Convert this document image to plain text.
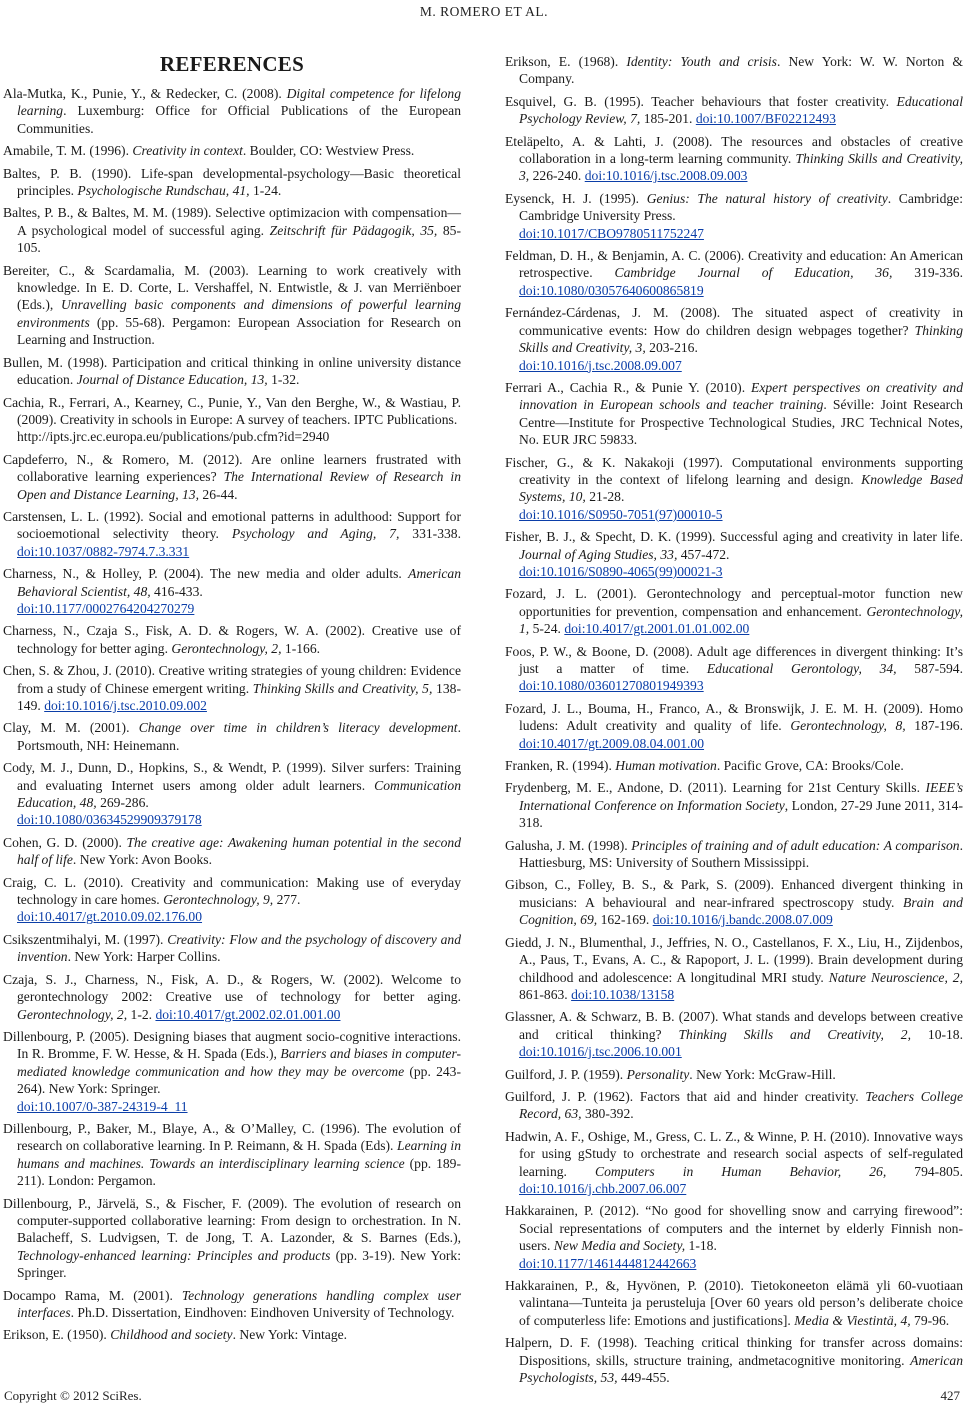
M. ROMERO ET AL.
REFERENCES

Ala-Mutka, K., Punie, Y., & Redecker, C. (2008). Digital competence for lifelong learning. Luxemburg: Office for Official Publications of the European Communities.

Amabile, T. M. (1996). Creativity in context. Boulder, CO: Westview Press.

Baltes, P. B. (1990). Life-span developmental-psychology—Basic theoretical principles. Psychologische Rundschau, 41, 1-24.

Baltes, P. B., & Baltes, M. M. (1989). Selective optimizacion with compensation—A psychological model of successful aging. Zeitschrift für Pädagogik, 35, 85-105.

Bereiter, C., & Scardamalia, M. (2003). Learning to work creatively with knowledge. In E. D. Corte, L. Vershaffel, N. Entwistle, & J. van Merriënboer (Eds.), Unravelling basic components and dimensions of powerful learning environments (pp. 55-68). Pergamon: European Association for Research on Learning and Instruction.

Bullen, M. (1998). Participation and critical thinking in online university distance education. Journal of Distance Education, 13, 1-32.

Cachia, R., Ferrari, A., Kearney, C., Punie, Y., Van den Berghe, W., & Wastiau, P. (2009). Creativity in schools in Europe: A survey of teachers. IPTC Publications.
http://ipts.jrc.ec.europa.eu/publications/pub.cfm?id=2940

Capdeferro, N., & Romero, M. (2012). Are online learners frustrated with collaborative learning experiences? The International Review of Research in Open and Distance Learning, 13, 26-44.

Carstensen, L. L. (1992). Social and emotional patterns in adulthood: Support for socioemotional selectivity theory. Psychology and Aging, 7, 331-338. doi:10.1037/0882-7974.7.3.331

Charness, N., & Holley, P. (2004). The new media and older adults. American Behavioral Scientist, 48, 416-433.
doi:10.1177/0002764204270279

Charness, N., Czaja S., Fisk, A. D. & Rogers, W. A. (2002). Creative use of technology for better aging. Gerontechnology, 2, 1-166.

Chen, S. & Zhou, J. (2010). Creative writing strategies of young children: Evidence from a study of Chinese emergent writing. Thinking Skills and Creativity, 5, 138-149. doi:10.1016/j.tsc.2010.09.002

Clay, M. M. (2001). Change over time in children’s literacy development. Portsmouth, NH: Heinemann.

Cody, M. J., Dunn, D., Hopkins, S., & Wendt, P. (1999). Silver surfers: Training and evaluating Internet users among older adult learners. Communication Education, 48, 269-286.
doi:10.1080/03634529909379178

Cohen, G. D. (2000). The creative age: Awakening human potential in the second half of life. New York: Avon Books.

Craig, C. L. (2010). Creativity and communication: Making use of everyday technology in care homes. Gerontechnology, 9, 277.
doi:10.4017/gt.2010.09.02.176.00

Csikszentmihalyi, M. (1997). Creativity: Flow and the psychology of discovery and invention. New York: Harper Collins.

Czaja, S. J., Charness, N., Fisk, A. D., & Rogers, W. (2002). Welcome to gerontechnology 2002: Creative use of technology for better aging. Gerontechnology, 2, 1-2. doi:10.4017/gt.2002.02.01.001.00

Dillenbourg, P. (2005). Designing biases that augment socio-cognitive interactions. In R. Bromme, F. W. Hesse, & H. Spada (Eds.), Barriers and biases in computer-mediated knowledge communication and how they may be overcome (pp. 243-264). New York: Springer.
doi:10.1007/0-387-24319-4_11

Dillenbourg, P., Baker, M., Blaye, A., & O’Malley, C. (1996). The evolution of research on collaborative learning. In P. Reimann, & H. Spada (Eds). Learning in humans and machines. Towards an interdisciplinary learning science (pp. 189-211). London: Pergamon.

Dillenbourg, P., Järvelä, S., & Fischer, F. (2009). The evolution of research on computer-supported collaborative learning: From design to orchestration. In N. Balacheff, S. Ludvigsen, T. de Jong, T. A. Lazonder, & S. Barnes (Eds.), Technology-enhanced learning: Principles and products (pp. 3-19). New York: Springer.

Docampo Rama, M. (2001). Technology generations handling complex user interfaces. Ph.D. Dissertation, Eindhoven: Eindhoven University of Technology.

Erikson, E. (1950). Childhood and society. New York: Vintage.

Erikson, E. (1968). Identity: Youth and crisis. New York: W. W. Norton & Company.

Esquivel, G. B. (1995). Teacher behaviours that foster creativity. Educational Psychology Review, 7, 185-201. doi:10.1007/BF02212493

Eteläpelto, A. & Lahti, J. (2008). The resources and obstacles of creative collaboration in a long-term learning community. Thinking Skills and Creativity, 3, 226-240. doi:10.1016/j.tsc.2008.09.003

Eysenck, H. J. (1995). Genius: The natural history of creativity. Cambridge: Cambridge University Press.
doi:10.1017/CBO9780511752247

Feldman, D. H., & Benjamin, A. C. (2006). Creativity and education: An American retrospective. Cambridge Journal of Education, 36, 319-336. doi:10.1080/03057640600865819

Fernández-Cárdenas, J. M. (2008). The situated aspect of creativity in communicative events: How do children design webpages together? Thinking Skills and Creativity, 3, 203-216.
doi:10.1016/j.tsc.2008.09.007

Ferrari A., Cachia R., & Punie Y. (2010). Expert perspectives on creativity and innovation in European schools and teacher training. Séville: Joint Research Centre—Institute for Prospective Technological Studies, JRC Technical Notes, No. EUR JRC 59833.

Fischer, G., & K. Nakakoji (1997). Computational environments supporting creativity in the context of lifelong learning and design. Knowledge Based Systems, 10, 21-28.
doi:10.1016/S0950-7051(97)00010-5

Fisher, B. J., & Specht, D. K. (1999). Successful aging and creativity in later life. Journal of Aging Studies, 33, 457-472.
doi:10.1016/S0890-4065(99)00021-3

Fozard, J. L. (2001). Gerontechnology and perceptual-motor function new opportunities for prevention, compensation and enhancement. Gerontechnology, 1, 5-24. doi:10.4017/gt.2001.01.01.002.00

Foos, P. W., & Boone, D. (2008). Adult age differences in divergent thinking: It’s just a matter of time. Educational Gerontology, 34, 587-594. doi:10.1080/03601270801949393

Fozard, J. L., Bouma, H., Franco, A., & Bronswijk, J. E. M. H. (2009). Homo ludens: Adult creativity and quality of life. Gerontechnology, 8, 187-196. doi:10.4017/gt.2009.08.04.001.00

Franken, R. (1994). Human motivation. Pacific Grove, CA: Brooks/Cole.

Frydenberg, M. E., Andone, D. (2011). Learning for 21st Century Skills. IEEE’s International Conference on Information Society, London, 27-29 June 2011, 314-318.

Galusha, J. M. (1998). Principles of training and of adult education: A comparison. Hattiesburg, MS: University of Southern Mississippi.

Gibson, C., Folley, B. S., & Park, S. (2009). Enhanced divergent thinking in musicians: A behavioural and near-infrared spectroscopy study. Brain and Cognition, 69, 162-169. doi:10.1016/j.bandc.2008.07.009

Giedd, J. N., Blumenthal, J., Jeffries, N. O., Castellanos, F. X., Liu, H., Zijdenbos, A., Paus, T., Evans, A. C., & Rapoport, J. L. (1999). Brain development during childhood and adolescence: A longitudinal MRI study. Nature Neuroscience, 2, 861-863. doi:10.1038/13158

Glassner, A. & Schwarz, B. B. (2007). What stands and develops between creative and critical thinking? Thinking Skills and Creativity, 2, 10-18. doi:10.1016/j.tsc.2006.10.001

Guilford, J. P. (1959). Personality. New York: McGraw-Hill.

Guilford, J. P. (1962). Factors that aid and hinder creativity. Teachers College Record, 63, 380-392.

Hadwin, A. F., Oshige, M., Gress, C. L. Z., & Winne, P. H. (2010). Innovative ways for using gStudy to orchestrate and research social aspects of self-regulated learning. Computers in Human Behavior, 26, 794-805. doi:10.1016/j.chb.2007.06.007

Hakkarainen, P. (2012). “No good for shovelling snow and carrying firewood”: Social representations of computers and the internet by elderly Finnish non-users. New Media and Society, 1-18.
doi:10.1177/1461444812442663

Hakkarainen, P., &, Hyvönen, P. (2010). Tietokoneeton elämä yli 60-vuotiaan valintana—Tunteita ja perusteluja [Over 60 years old person’s deliberate choice of computerless life: Emotions and justifications]. Media & Viestintä, 4, 79-96.

Halpern, D. F. (1998). Teaching critical thinking for transfer across domains: Dispositions, skills, structure training, andmetacognitive monitoring. American Psychologists, 53, 449-455.

Copyright © 2012 SciRes.	427
